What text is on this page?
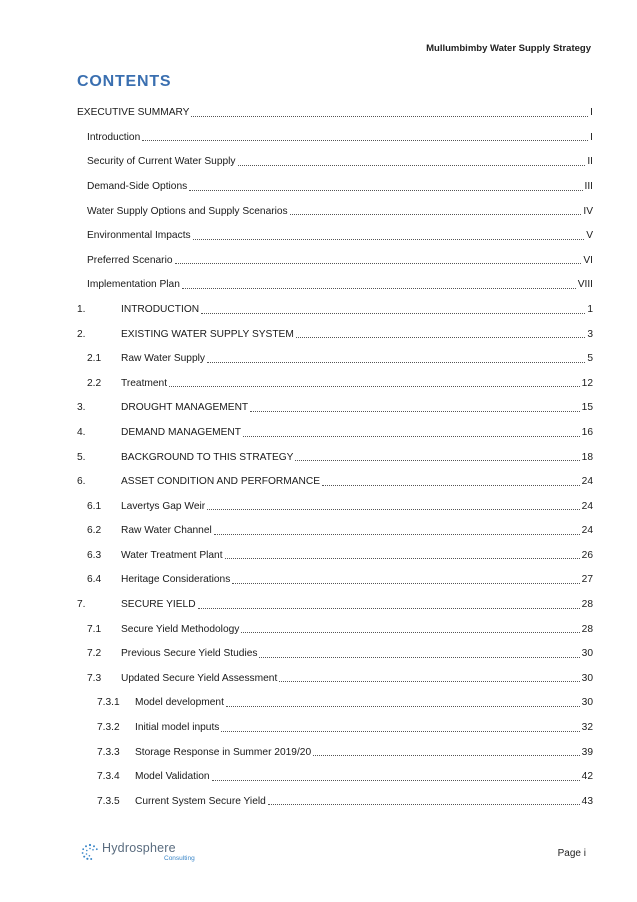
Mullumbimby Water Supply Strategy
CONTENTS
EXECUTIVE SUMMARY	I
Introduction	I
Security of Current Water Supply	II
Demand-Side Options	III
Water Supply Options and Supply Scenarios	IV
Environmental Impacts	V
Preferred Scenario	VI
Implementation Plan	VIII
1.	INTRODUCTION	1
2.	EXISTING WATER SUPPLY SYSTEM	3
2.1	Raw Water Supply	5
2.2	Treatment	12
3.	DROUGHT MANAGEMENT	15
4.	DEMAND MANAGEMENT	16
5.	BACKGROUND TO THIS STRATEGY	18
6.	ASSET CONDITION AND PERFORMANCE	24
6.1	Lavertys Gap Weir	24
6.2	Raw Water Channel	24
6.3	Water Treatment Plant	26
6.4	Heritage Considerations	27
7.	SECURE YIELD	28
7.1	Secure Yield Methodology	28
7.2	Previous Secure Yield Studies	30
7.3	Updated Secure Yield Assessment	30
7.3.1	Model development	30
7.3.2	Initial model inputs	32
7.3.3	Storage Response in Summer 2019/20	39
7.3.4	Model Validation	42
7.3.5	Current System Secure Yield	43
Hydrosphere
Consulting	Page i
